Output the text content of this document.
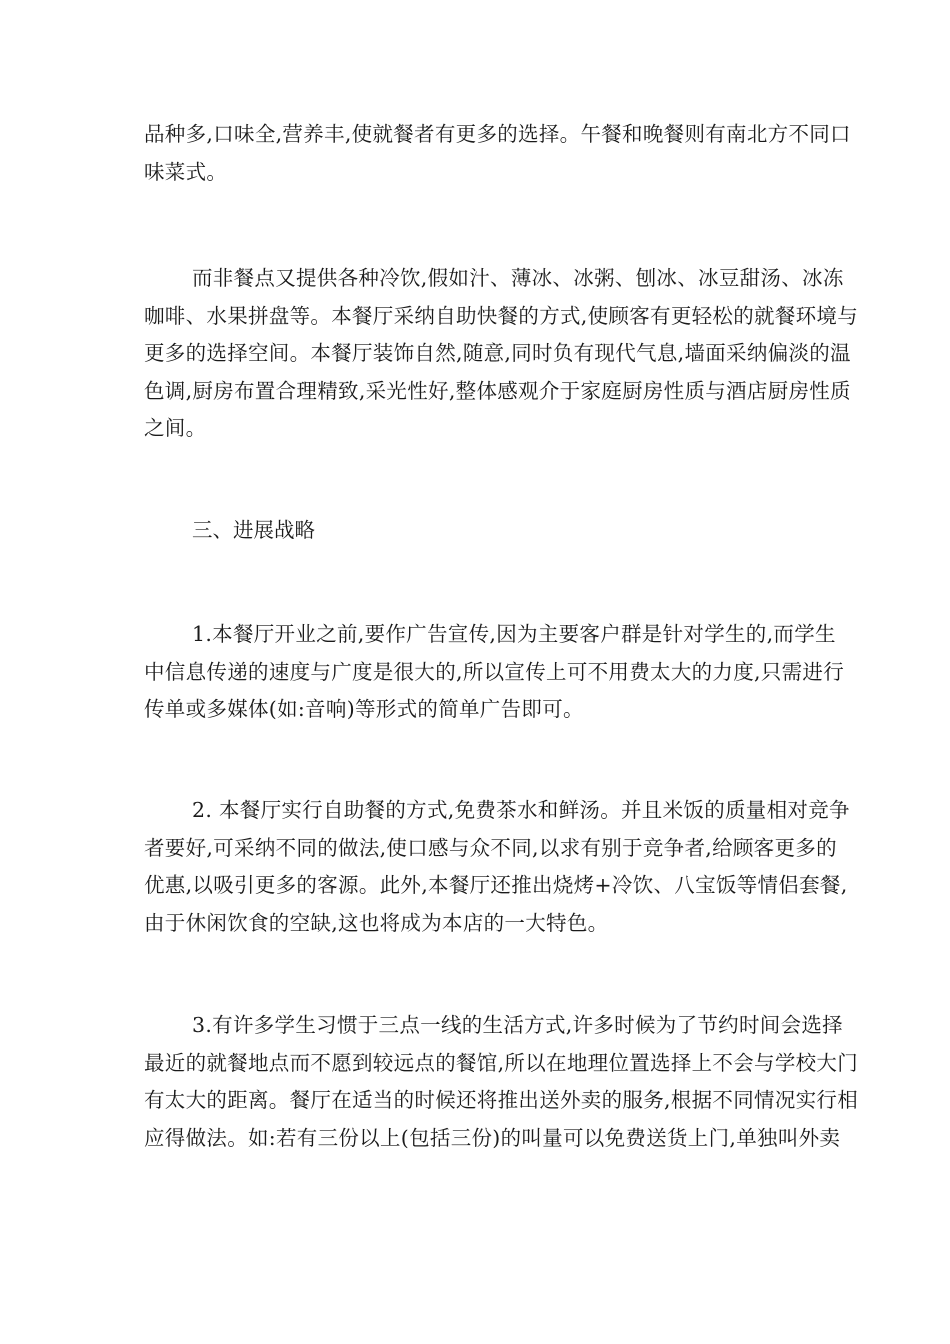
品种多,口味全,营养丰,使就餐者有更多的选择。午餐和晚餐则有南北方不同口
味菜式。

而非餐点又提供各种冷饮,假如汁、薄冰、冰粥、刨冰、冰豆甜汤、冰冻
咖啡、水果拼盘等。本餐厅采纳自助快餐的方式,使顾客有更轻松的就餐环境与
更多的选择空间。本餐厅装饰自然,随意,同时负有现代气息,墙面采纳偏淡的温
色调,厨房布置合理精致,采光性好,整体感观介于家庭厨房性质与酒店厨房性质
之间。

三、进展战略

1.本餐厅开业之前,要作广告宣传,因为主要客户群是针对学生的,而学生
中信息传递的速度与广度是很大的,所以宣传上可不用费太大的力度,只需进行
传单或多媒体(如:音响)等形式的简单广告即可。

2. 本餐厅实行自助餐的方式,免费茶水和鲜汤。并且米饭的质量相对竞争
者要好,可采纳不同的做法,使口感与众不同,以求有别于竞争者,给顾客更多的
优惠,以吸引更多的客源。此外,本餐厅还推出烧烤+冷饮、八宝饭等情侣套餐,
由于休闲饮食的空缺,这也将成为本店的一大特色。

3.有许多学生习惯于三点一线的生活方式,许多时候为了节约时间会选择
最近的就餐地点而不愿到较远点的餐馆,所以在地理位置选择上不会与学校大门
有太大的距离。餐厅在适当的时候还将推出送外卖的服务,根据不同情况实行相
应得做法。如:若有三份以上(包括三份)的叫量可以免费送货上门,单独叫外卖
